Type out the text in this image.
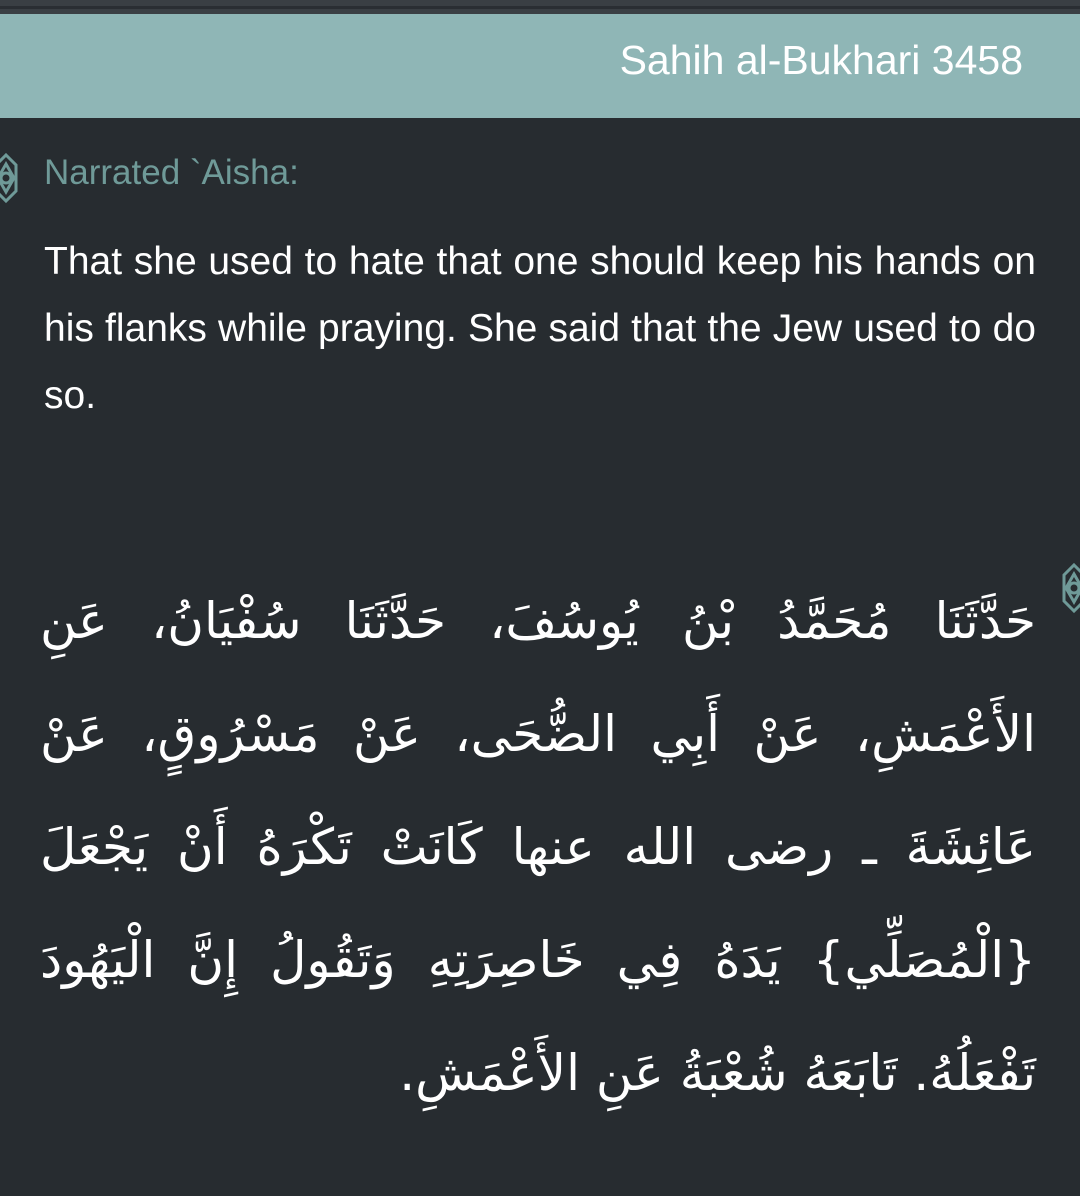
Sahih al-Bukhari 3458
Narrated `Aisha:

That she used to hate that one should keep his hands on his flanks while praying. She said that the Jew used to do so.

حَدَّثَنَا مُحَمَّدُ بْنُ يُوسُفَ، حَدَّثَنَا سُفْيَانُ، عَنِ الأَعْمَشِ، عَنْ أَبِي الضُّحَى، عَنْ مَسْرُوقٍ، عَنْ عَائِشَةَ ـ رضى الله عنها كَانَتْ تَكْرَهُ أَنْ يَجْعَلَ {الْمُصَلِّي} يَدَهُ فِي خَاصِرَتِهِ وَتَقُولُ إِنَّ الْيَهُودَ تَفْعَلُهُ. تَابَعَهُ شُعْبَةُ عَنِ الأَعْمَشِ.
